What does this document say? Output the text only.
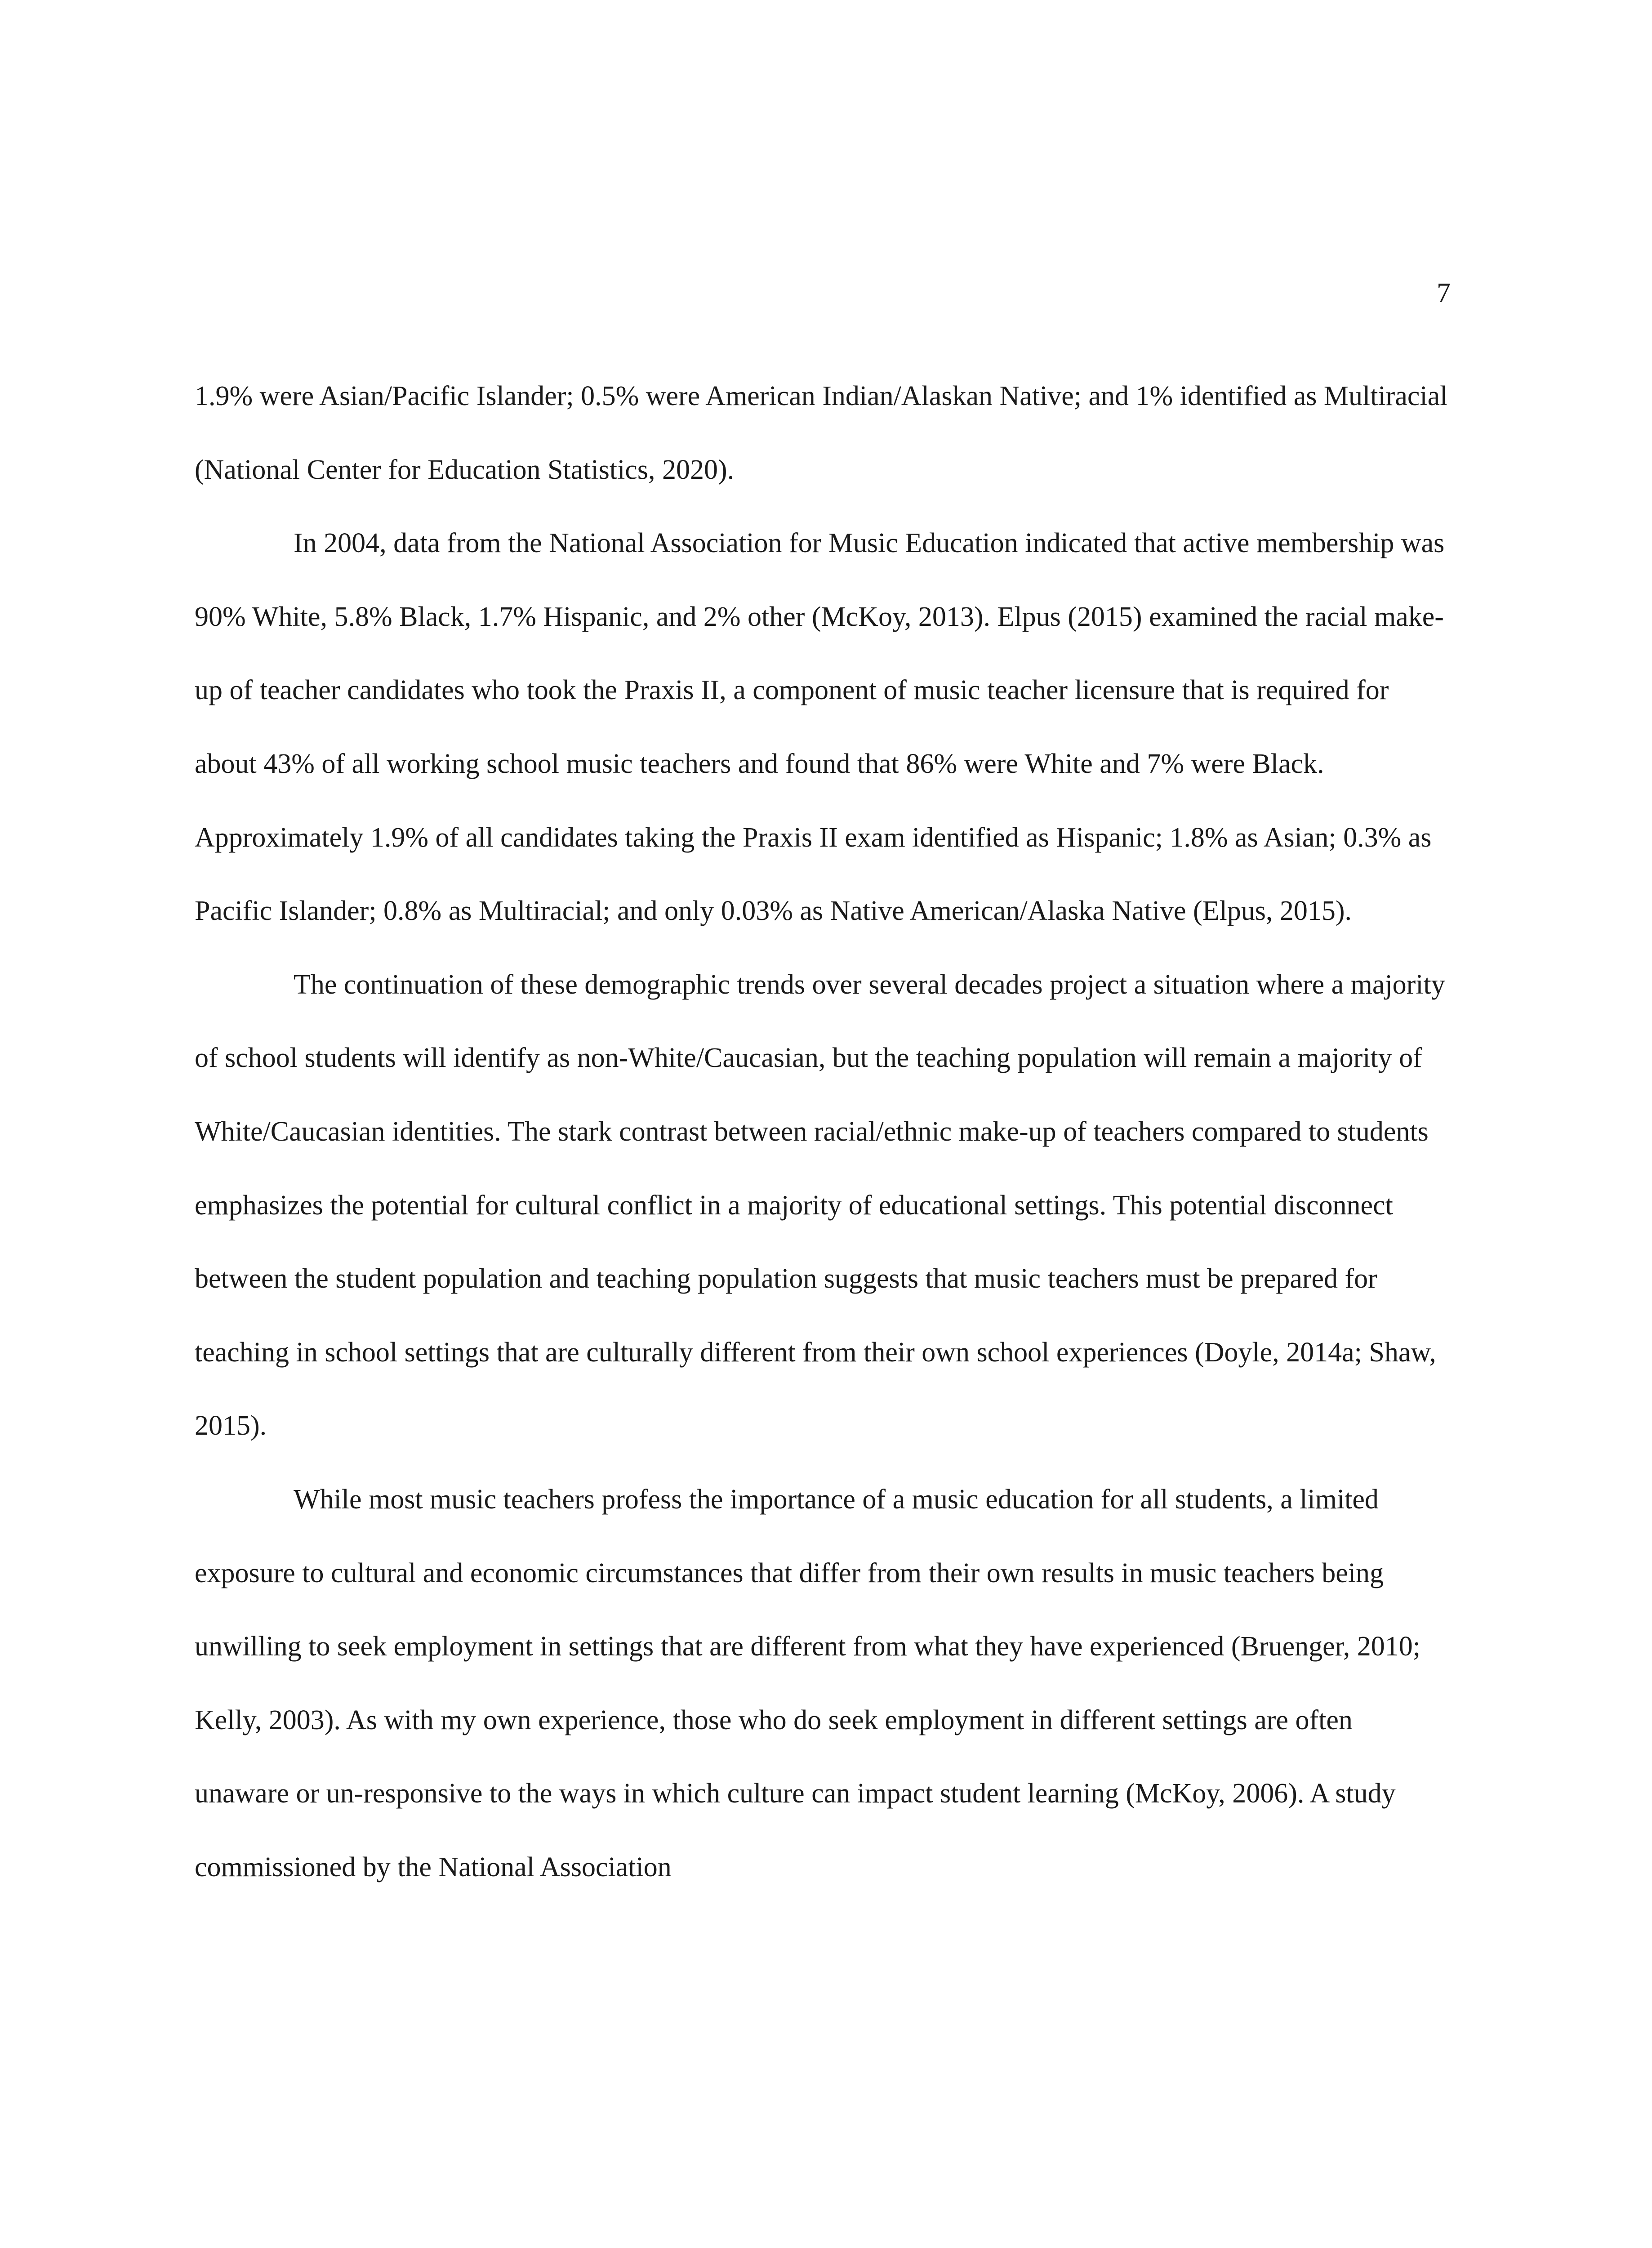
7

1.9% were Asian/Pacific Islander; 0.5% were American Indian/Alaskan Native; and 1% identified as Multiracial (National Center for Education Statistics, 2020).

In 2004, data from the National Association for Music Education indicated that active membership was 90% White, 5.8% Black, 1.7% Hispanic, and 2% other (McKoy, 2013). Elpus (2015) examined the racial make-up of teacher candidates who took the Praxis II, a component of music teacher licensure that is required for about 43% of all working school music teachers and found that 86% were White and 7% were Black. Approximately 1.9% of all candidates taking the Praxis II exam identified as Hispanic; 1.8% as Asian; 0.3% as Pacific Islander; 0.8% as Multiracial; and only 0.03% as Native American/Alaska Native (Elpus, 2015).

The continuation of these demographic trends over several decades project a situation where a majority of school students will identify as non-White/Caucasian, but the teaching population will remain a majority of White/Caucasian identities. The stark contrast between racial/ethnic make-up of teachers compared to students emphasizes the potential for cultural conflict in a majority of educational settings. This potential disconnect between the student population and teaching population suggests that music teachers must be prepared for teaching in school settings that are culturally different from their own school experiences (Doyle, 2014a; Shaw, 2015).

While most music teachers profess the importance of a music education for all students, a limited exposure to cultural and economic circumstances that differ from their own results in music teachers being unwilling to seek employment in settings that are different from what they have experienced (Bruenger, 2010; Kelly, 2003). As with my own experience, those who do seek employment in different settings are often unaware or un-responsive to the ways in which culture can impact student learning (McKoy, 2006). A study commissioned by the National Association
